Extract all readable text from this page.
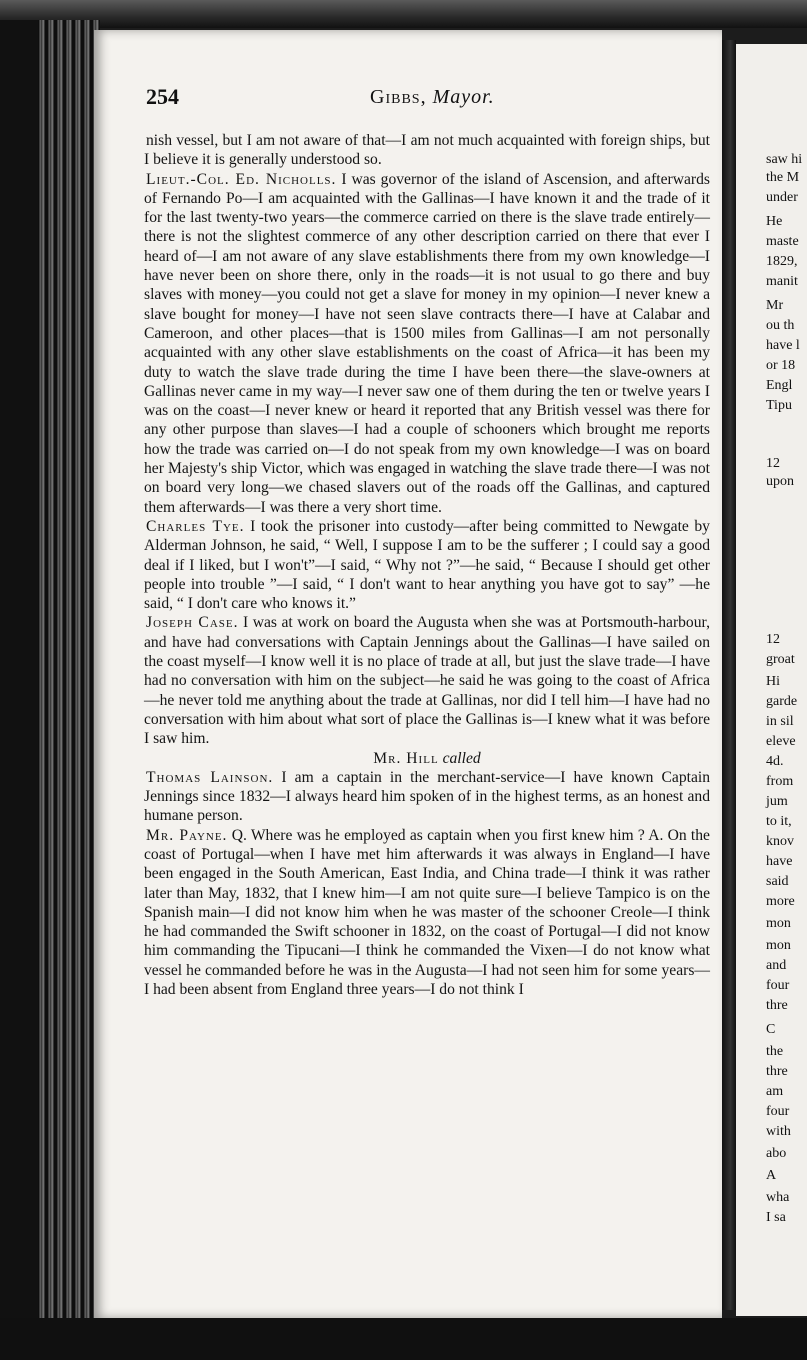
saw hi
the M
under
He
maste
1829,
manit
Mr
ou th
have l
or 18
Engl
Tipu
12
upon
12
groat
Hi
garde
in sil
eleve
4d.
from
jum
to it,
knov
have
said
more
mon
mon
and
four
thre
C
the
thre
am
four
with
abo
A
wha
I sa
254	Gibbs, Mayor.

nish vessel, but I am not aware of that—I am not much acquainted with foreign ships, but I believe it is generally understood so.

Lieut.-Col. Ed. Nicholls. I was governor of the island of Ascension, and afterwards of Fernando Po—I am acquainted with the Gallinas—I have known it and the trade of it for the last twenty-two years—the commerce carried on there is the slave trade entirely—there is not the slightest commerce of any other description carried on there that ever I heard of—I am not aware of any slave establishments there from my own knowledge—I have never been on shore there, only in the roads—it is not usual to go there and buy slaves with money—you could not get a slave for money in my opinion—I never knew a slave bought for money—I have not seen slave contracts there—I have at Calabar and Cameroon, and other places—that is 1500 miles from Gallinas—I am not personally acquainted with any other slave establishments on the coast of Africa—it has been my duty to watch the slave trade during the time I have been there—the slave-owners at Gallinas never came in my way—I never saw one of them during the ten or twelve years I was on the coast—I never knew or heard it reported that any British vessel was there for any other purpose than slaves—I had a couple of schooners which brought me reports how the trade was carried on—I do not speak from my own knowledge—I was on board her Majesty's ship Victor, which was engaged in watching the slave trade there—I was not on board very long—we chased slavers out of the roads off the Gallinas, and captured them afterwards—I was there a very short time.

Charles Tye. I took the prisoner into custody—after being committed to Newgate by Alderman Johnson, he said, “ Well, I suppose I am to be the sufferer ; I could say a good deal if I liked, but I won't”—I said, “ Why not ?”—he said, “ Because I should get other people into trouble ”—I said, “ I don't want to hear anything you have got to say” —he said, “ I don't care who knows it.”

Joseph Case. I was at work on board the Augusta when she was at Portsmouth-harbour, and have had conversations with Captain Jennings about the Gallinas—I have sailed on the coast myself—I know well it is no place of trade at all, but just the slave trade—I have had no conversation with him on the subject—he said he was going to the coast of Africa —he never told me anything about the trade at Gallinas, nor did I tell him—I have had no conversation with him about what sort of place the Gallinas is—I knew what it was before I saw him.

Mr. Hill called

Thomas Lainson. I am a captain in the merchant-service—I have known Captain Jennings since 1832—I always heard him spoken of in the highest terms, as an honest and humane person.

Mr. Payne. Q. Where was he employed as captain when you first knew him ? A. On the coast of Portugal—when I have met him afterwards it was always in England—I have been engaged in the South American, East India, and China trade—I think it was rather later than May, 1832, that I knew him—I am not quite sure—I believe Tampico is on the Spanish main—I did not know him when he was master of the schooner Creole—I think he had commanded the Swift schooner in 1832, on the coast of Portugal—I did not know him commanding the Tipucani—I think he commanded the Vixen—I do not know what vessel he commanded before he was in the Augusta—I had not seen him for some years—I had been absent from England three years—I do not think I
